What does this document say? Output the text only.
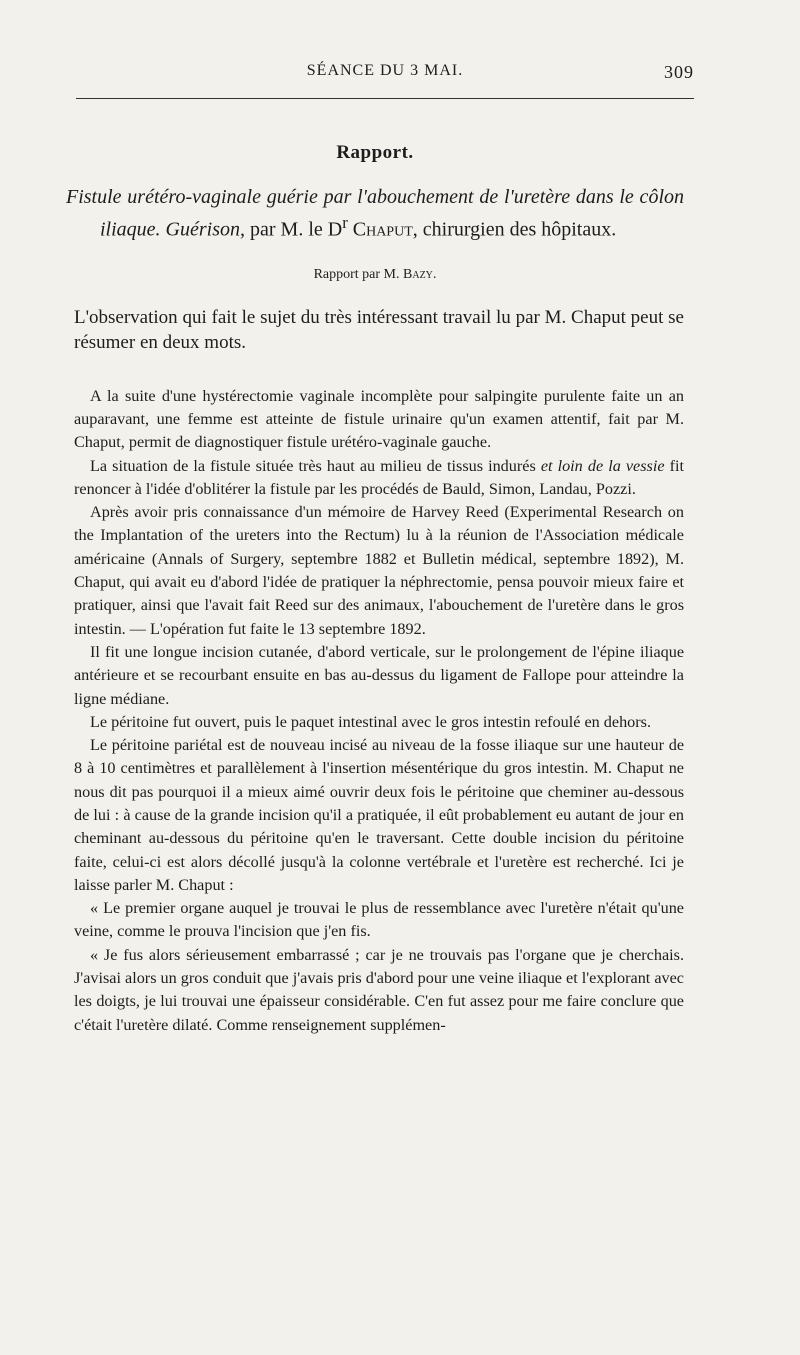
SÉANCE DU 3 MAI.	309
Rapport.
Fistule urétéro-vaginale guérie par l'abouchement de l'uretère dans le côlon iliaque. Guérison, par M. le $D^r$ Chaput, chirurgien des hôpitaux.
Rapport par M. Bazy.
L'observation qui fait le sujet du très intéressant travail lu par M. Chaput peut se résumer en deux mots.

A la suite d'une hystérectomie vaginale incomplète pour salpingite purulente faite un an auparavant, une femme est atteinte de fistule urinaire qu'un examen attentif, fait par M. Chaput, permit de diagnostiquer fistule urétéro-vaginale gauche.

La situation de la fistule située très haut au milieu de tissus indurés et loin de la vessie fit renoncer à l'idée d'oblitérer la fistule par les procédés de Bauld, Simon, Landau, Pozzi.

Après avoir pris connaissance d'un mémoire de Harvey Reed (Experimental Research on the Implantation of the ureters into the Rectum) lu à la réunion de l'Association médicale américaine (Annals of Surgery, septembre 1882 et Bulletin médical, septembre 1892), M. Chaput, qui avait eu d'abord l'idée de pratiquer la néphrectomie, pensa pouvoir mieux faire et pratiquer, ainsi que l'avait fait Reed sur des animaux, l'abouchement de l'uretère dans le gros intestin. — L'opération fut faite le 13 septembre 1892.

Il fit une longue incision cutanée, d'abord verticale, sur le prolongement de l'épine iliaque antérieure et se recourbant ensuite en bas au-dessus du ligament de Fallope pour atteindre la ligne médiane.

Le péritoine fut ouvert, puis le paquet intestinal avec le gros intestin refoulé en dehors.

Le péritoine pariétal est de nouveau incisé au niveau de la fosse iliaque sur une hauteur de 8 à 10 centimètres et parallèlement à l'insertion mésentérique du gros intestin. M. Chaput ne nous dit pas pourquoi il a mieux aimé ouvrir deux fois le péritoine que cheminer au-dessous de lui : à cause de la grande incision qu'il a pratiquée, il eût probablement eu autant de jour en cheminant au-dessous du péritoine qu'en le traversant. Cette double incision du péritoine faite, celui-ci est alors décollé jusqu'à la colonne vertébrale et l'uretère est recherché. Ici je laisse parler M. Chaput :

« Le premier organe auquel je trouvai le plus de ressemblance avec l'uretère n'était qu'une veine, comme le prouva l'incision que j'en fis.

« Je fus alors sérieusement embarrassé ; car je ne trouvais pas l'organe que je cherchais. J'avisai alors un gros conduit que j'avais pris d'abord pour une veine iliaque et l'explorant avec les doigts, je lui trouvai une épaisseur considérable. C'en fut assez pour me faire conclure que c'était l'uretère dilaté. Comme renseignement supplémen-
